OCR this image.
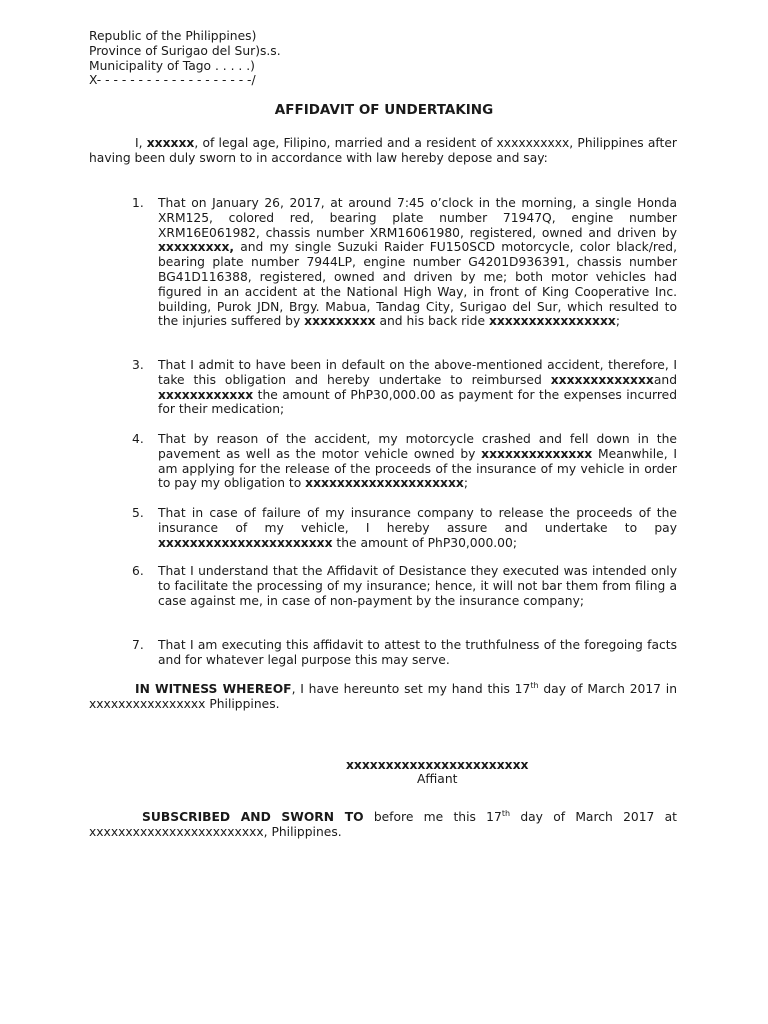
Republic of the Philippines)
Province of Surigao del Sur)s.s.
Municipality of Tago . . . . .)
X- - - - - - - - - - - - - - - - - - -/
AFFIDAVIT OF UNDERTAKING
I, xxxxxx, of legal age, Filipino, married and a resident of xxxxxxxxxx, Philippines after having been duly sworn to in accordance with law hereby depose and say:
1.	That on January 26, 2017, at around 7:45 o’clock in the morning, a single Honda XRM125, colored red, bearing plate number 71947Q, engine number XRM16E061982, chassis number XRM16061980, registered, owned and driven by xxxxxxxxx, and my single Suzuki Raider FU150SCD motorcycle, color black/red, bearing plate number 7944LP, engine number G4201D936391, chassis number BG41D116388, registered, owned and driven by me; both motor vehicles had figured in an accident at the National High Way, in front of King Cooperative Inc. building, Purok JDN, Brgy. Mabua, Tandag City, Surigao del Sur, which resulted to the injuries suffered by xxxxxxxxx and his back ride xxxxxxxxxxxxxxxx;
3.	That I admit to have been in default on the above-mentioned accident, therefore, I take this obligation and hereby undertake to reimbursed xxxxxxxxxxxxxand xxxxxxxxxxxx the amount of PhP30,000.00 as payment for the expenses incurred for their medication;
4.	That by reason of the accident, my motorcycle crashed and fell down in the pavement as well as the motor vehicle owned by xxxxxxxxxxxxxx Meanwhile, I am applying for the release of the proceeds of the insurance of my vehicle in order to pay my obligation to xxxxxxxxxxxxxxxxxxxx;
5.	That in case of failure of my insurance company to release the proceeds of the insurance of my vehicle, I hereby assure and undertake to pay xxxxxxxxxxxxxxxxxxxxxx the amount of PhP30,000.00;
6.	That I understand that the Affidavit of Desistance they executed was intended only to facilitate the processing of my insurance; hence, it will not bar them from filing a case against me, in case of non-payment by the insurance company;
7.	That I am executing this affidavit to attest to the truthfulness of the foregoing facts and for whatever legal purpose this may serve.
IN WITNESS WHEREOF, I have hereunto set my hand this 17th day of March 2017 in xxxxxxxxxxxxxxxx Philippines.
xxxxxxxxxxxxxxxxxxxxxxx
Affiant
SUBSCRIBED AND SWORN TO before me this 17th day of March 2017 at xxxxxxxxxxxxxxxxxxxxxxxx, Philippines.
